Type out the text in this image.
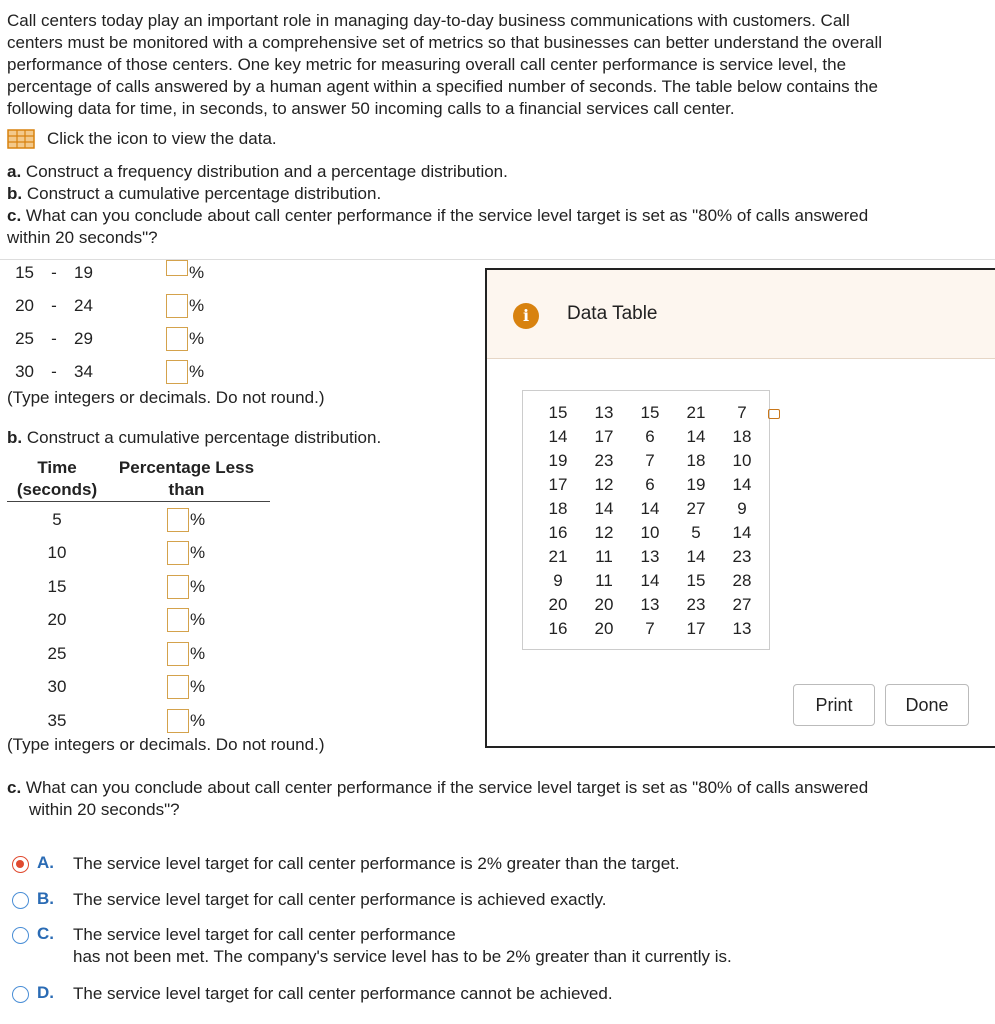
Call centers today play an important role in managing day-to-day business communications with customers. Call
centers must be monitored with a comprehensive set of metrics so that businesses can better understand the overall
performance of those centers. One key metric for measuring overall call center performance is service level, the
percentage of calls answered by a human agent within a specified number of seconds. The table below contains the
following data for time, in seconds, to answer 50 incoming calls to a financial services call center.
Click the icon to view the data.
a. Construct a frequency distribution and a percentage distribution.
b. Construct a cumulative percentage distribution.
c. What can you conclude about call center performance if the service level target is set as "80% of calls answered
within 20 seconds"?
15	-	19	%
20	-	24	%
25	-	29	%
30	-	34	%
(Type integers or decimals. Do not round.)
b. Construct a cumulative percentage distribution.
Time
(seconds)
Percentage Less
than
5	%
10	%
15	%
20	%
25	%
30	%
35	%
(Type integers or decimals. Do not round.)
i	Data Table
15	13	15	21	7
14	17	6	14	18
19	23	7	18	10
17	12	6	19	14
18	14	14	27	9
16	12	10	5	14
21	11	13	14	23
9	11	14	15	28
20	20	13	23	27
16	20	7	17	13
Print	Done
c. What can you conclude about call center performance if the service level target is set as "80% of calls answered
within 20 seconds"?
A.	The service level target for call center performance is 2% greater than the target.
B.	The service level target for call center performance is achieved exactly.
C.	The service level target for call center performance
has not been met. The company's service level has to be 2% greater than it currently is.
D.	The service level target for call center performance cannot be achieved.
